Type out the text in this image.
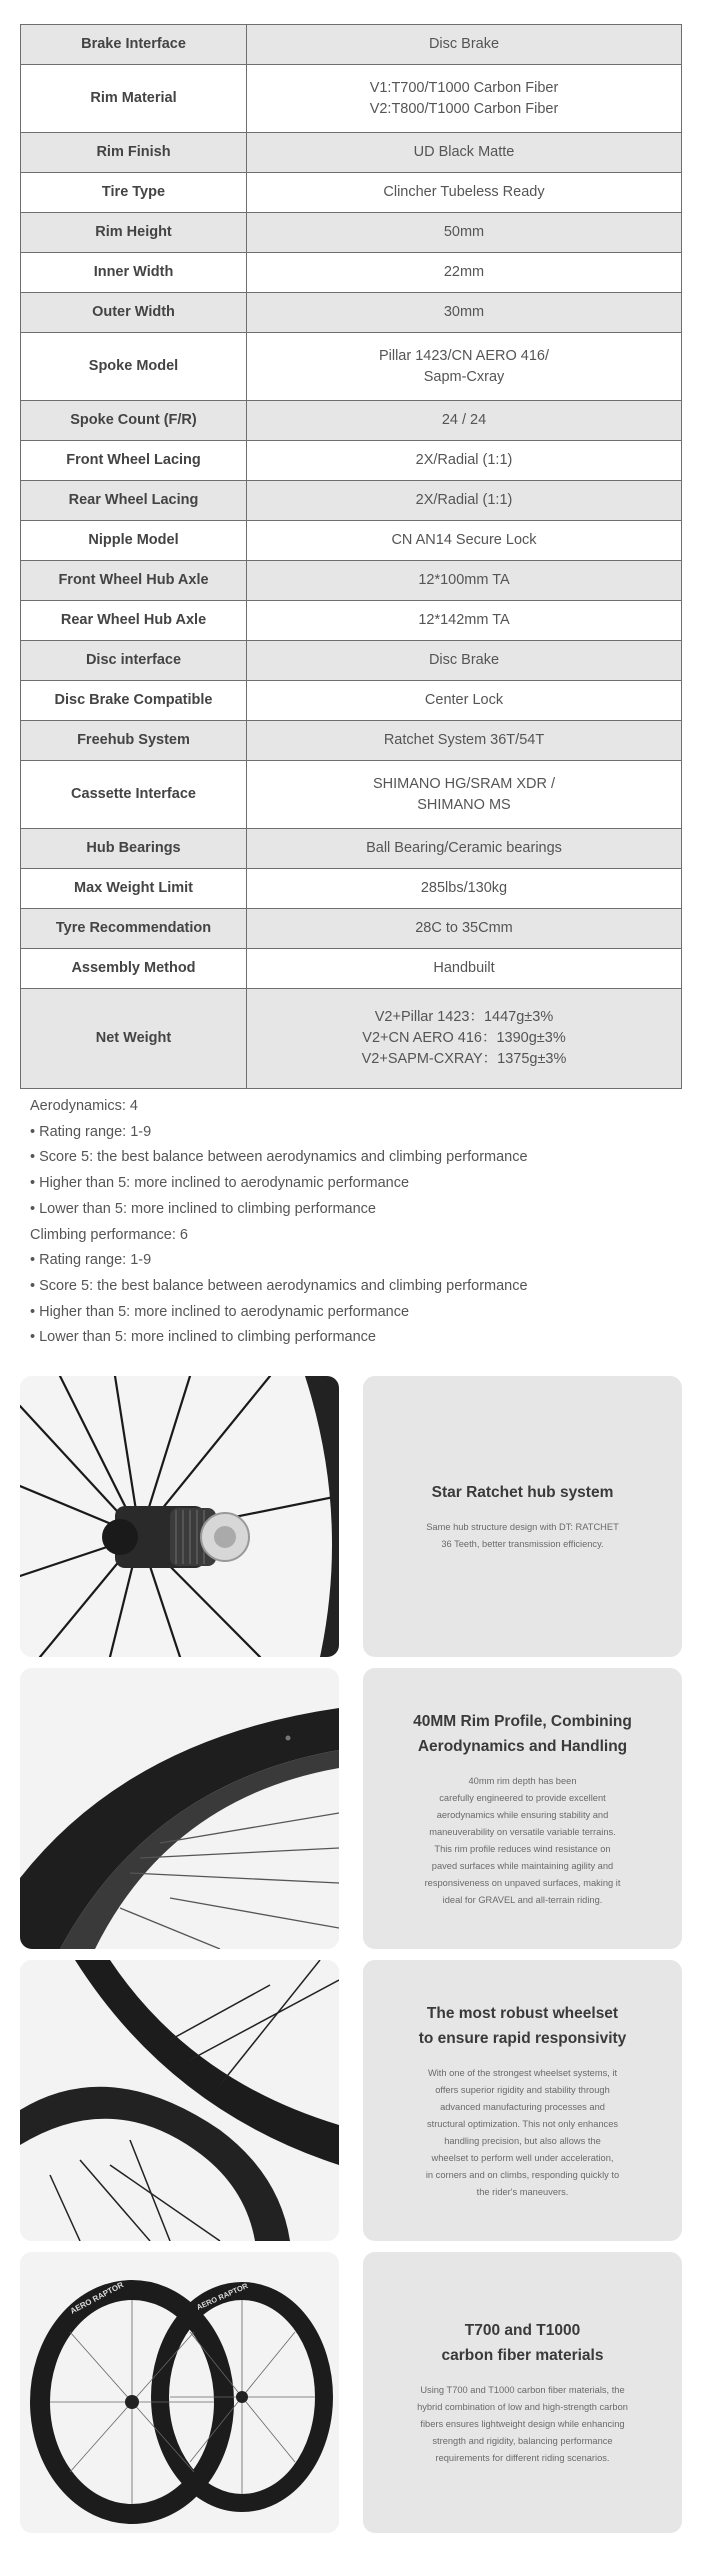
Brake Interface	Disc Brake

Rim Material	V1:T700/T1000 Carbon Fiber
V2:T800/T1000 Carbon Fiber

Rim Finish	UD Black Matte

Tire Type	Clincher Tubeless Ready

Rim Height	50mm

Inner Width	22mm

Outer Width	30mm

Spoke Model	Pillar 1423/CN AERO 416/
Sapm-Cxray

Spoke Count (F/R)	24 / 24

Front Wheel Lacing	2X/Radial (1:1)

Rear Wheel Lacing	2X/Radial (1:1)

Nipple Model	CN AN14 Secure Lock

Front Wheel Hub Axle	12*100mm TA

Rear Wheel Hub Axle	12*142mm TA

Disc interface	Disc Brake

Disc Brake Compatible	Center Lock

Freehub System	Ratchet System 36T/54T

Cassette Interface	SHIMANO HG/SRAM XDR /
SHIMANO MS

Hub Bearings	Ball Bearing/Ceramic bearings

Max Weight Limit	285lbs/130kg

Tyre Recommendation	28C to 35Cmm

Assembly Method	Handbuilt

Net Weight	V2+Pillar 1423：1447g±3%
V2+CN AERO 416：1390g±3%
V2+SAPM-CXRAY：1375g±3%
Aerodynamics: 4
• Rating range: 1-9
• Score 5: the best balance between aerodynamics and climbing performance
• Higher than 5: more inclined to aerodynamic performance
• Lower than 5: more inclined to climbing performance
Climbing performance: 6
• Rating range: 1-9
• Score 5: the best balance between aerodynamics and climbing performance
• Higher than 5: more inclined to aerodynamic performance
• Lower than 5: more inclined to climbing performance
Star Ratchet hub system
Same hub structure design with DT: RATCHET
36 Teeth, better transmission efficiency.
40MM Rim Profile, Combining
Aerodynamics and Handling
40mm rim depth has been
carefully engineered to provide excellent
aerodynamics while ensuring stability and
maneuverability on versatile variable terrains.
This rim profile reduces wind resistance on
paved surfaces while maintaining agility and
responsiveness on unpaved surfaces, making it
ideal for GRAVEL and all-terrain riding.
The most robust wheelset
to ensure rapid responsivity
With one of the strongest wheelset systems, it
offers superior rigidity and stability through
advanced manufacturing processes and
structural optimization. This not only enhances
handling precision, but also allows the
wheelset to perform well under acceleration,
in corners and on climbs, responding quickly to
the rider's maneuvers.
AERO RAPTOR	AERO RAPTOR
T700 and T1000
carbon fiber materials
Using T700 and T1000 carbon fiber materials, the
hybrid combination of low and high-strength carbon
fibers ensures lightweight design while enhancing
strength and rigidity, balancing performance
requirements for different riding scenarios.
